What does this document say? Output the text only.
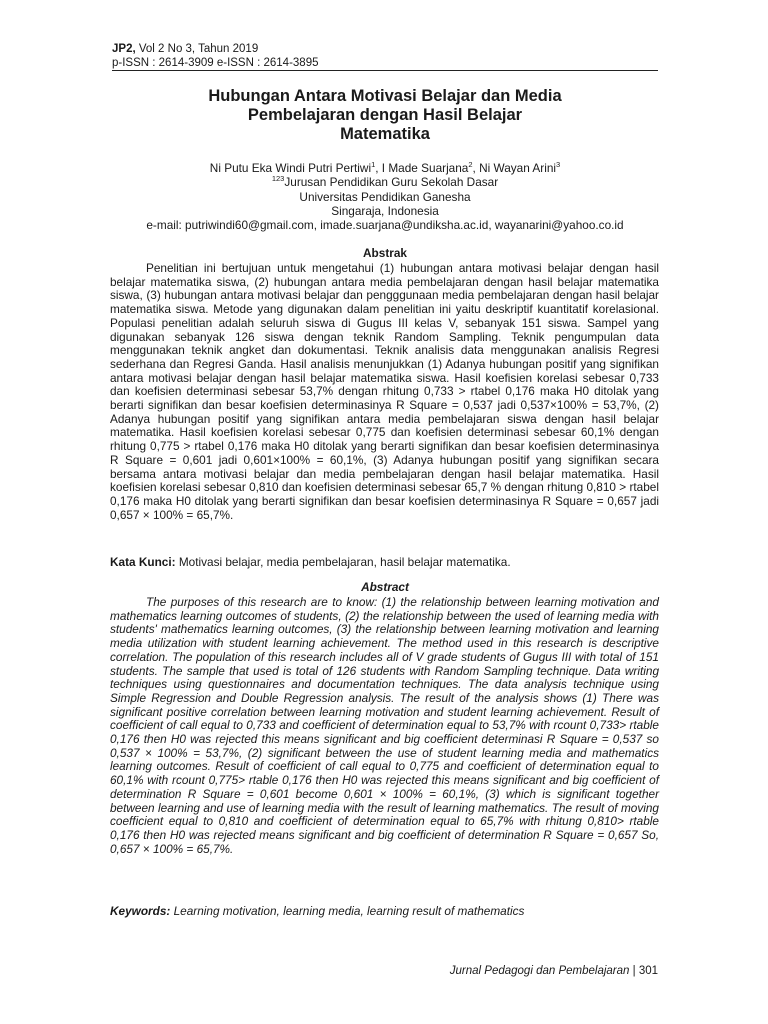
JP2, Vol 2 No 3, Tahun 2019
p-ISSN : 2614-3909 e-ISSN : 2614-3895
Hubungan Antara Motivasi Belajar dan Media
Pembelajaran dengan Hasil Belajar
Matematika
Ni Putu Eka Windi Putri Pertiwi$^1$, I Made Suarjana$^2$, Ni Wayan Arini$^3$
$^{123}$Jurusan Pendidikan Guru Sekolah Dasar
Universitas Pendidikan Ganesha
Singaraja, Indonesia
e-mail: putriwindi60@gmail.com, imade.suarjana@undiksha.ac.id, wayanarini@yahoo.co.id
Abstrak
Penelitian ini bertujuan untuk mengetahui (1) hubungan antara motivasi belajar dengan hasil belajar matematika siswa, (2) hubungan antara media pembelajaran dengan hasil belajar matematika siswa, (3) hubungan antara motivasi belajar dan pengggunaan media pembelajaran dengan hasil belajar matematika siswa. Metode yang digunakan dalam penelitian ini yaitu deskriptif kuantitatif korelasional. Populasi penelitian adalah seluruh siswa di Gugus III kelas V, sebanyak 151 siswa. Sampel yang digunakan sebanyak 126 siswa dengan teknik Random Sampling. Teknik pengumpulan data menggunakan teknik angket dan dokumentasi. Teknik analisis data menggunakan analisis Regresi sederhana dan Regresi Ganda. Hasil analisis menunjukkan (1) Adanya hubungan positif yang signifikan antara motivasi belajar dengan hasil belajar matematika siswa. Hasil koefisien korelasi sebesar 0,733 dan koefisien determinasi sebesar 53,7% dengan rhitung 0,733 > rtabel 0,176 maka H0 ditolak yang berarti signifikan dan besar koefisien determinasinya R Square = 0,537 jadi 0,537×100% = 53,7%, (2) Adanya hubungan positif yang signifikan antara media pembelajaran siswa dengan hasil belajar matematika. Hasil koefisien korelasi sebesar 0,775 dan koefisien determinasi sebesar 60,1% dengan rhitung 0,775 > rtabel 0,176 maka H0 ditolak yang berarti signifikan dan besar koefisien determinasinya R Square = 0,601 jadi 0,601×100% = 60,1%, (3) Adanya hubungan positif yang signifikan secara bersama antara motivasi belajar dan media pembelajaran dengan hasil belajar matematika. Hasil koefisien korelasi sebesar 0,810 dan koefisien determinasi sebesar 65,7 % dengan rhitung 0,810 > rtabel 0,176 maka H0 ditolak yang berarti signifikan dan besar koefisien determinasinya R Square = 0,657 jadi 0,657 × 100% = 65,7%.
Kata Kunci: Motivasi belajar, media pembelajaran, hasil belajar matematika.
Abstract
The purposes of this research are to know: (1) the relationship between learning motivation and mathematics learning outcomes of students, (2) the relationship between the used of learning media with students' mathematics learning outcomes, (3) the relationship between learning motivation and learning media utilization with student learning achievement. The method used in this research is descriptive correlation. The population of this research includes all of V grade students of Gugus III with total of 151 students. The sample that used is total of 126 students with Random Sampling technique. Data writing techniques using questionnaires and documentation techniques. The data analysis technique using Simple Regression and Double Regression analysis. The result of the analysis shows (1) There was significant positive correlation between learning motivation and student learning achievement. Result of coefficient of call equal to 0,733 and coefficient of determination equal to 53,7% with rcount 0,733> rtable 0,176 then H0 was rejected this means significant and big coefficient determinasi R Square = 0,537 so 0,537 × 100% = 53,7%, (2) significant between the use of student learning media and mathematics learning outcomes. Result of coefficient of call equal to 0,775 and coefficient of determination equal to 60,1% with rcount 0,775> rtable 0,176 then H0 was rejected this means significant and big coefficient of determination R Square = 0,601 become 0,601 × 100% = 60,1%, (3) which is significant together between learning and use of learning media with the result of learning mathematics. The result of moving coefficient equal to 0,810 and coefficient of determination equal to 65,7% with rhitung 0,810> rtable 0,176 then H0 was rejected means significant and big coefficient of determination R Square = 0,657 So, 0,657 × 100% = 65,7%.
Keywords: Learning motivation, learning media, learning result of mathematics
Jurnal Pedagogi dan Pembelajaran | 301
